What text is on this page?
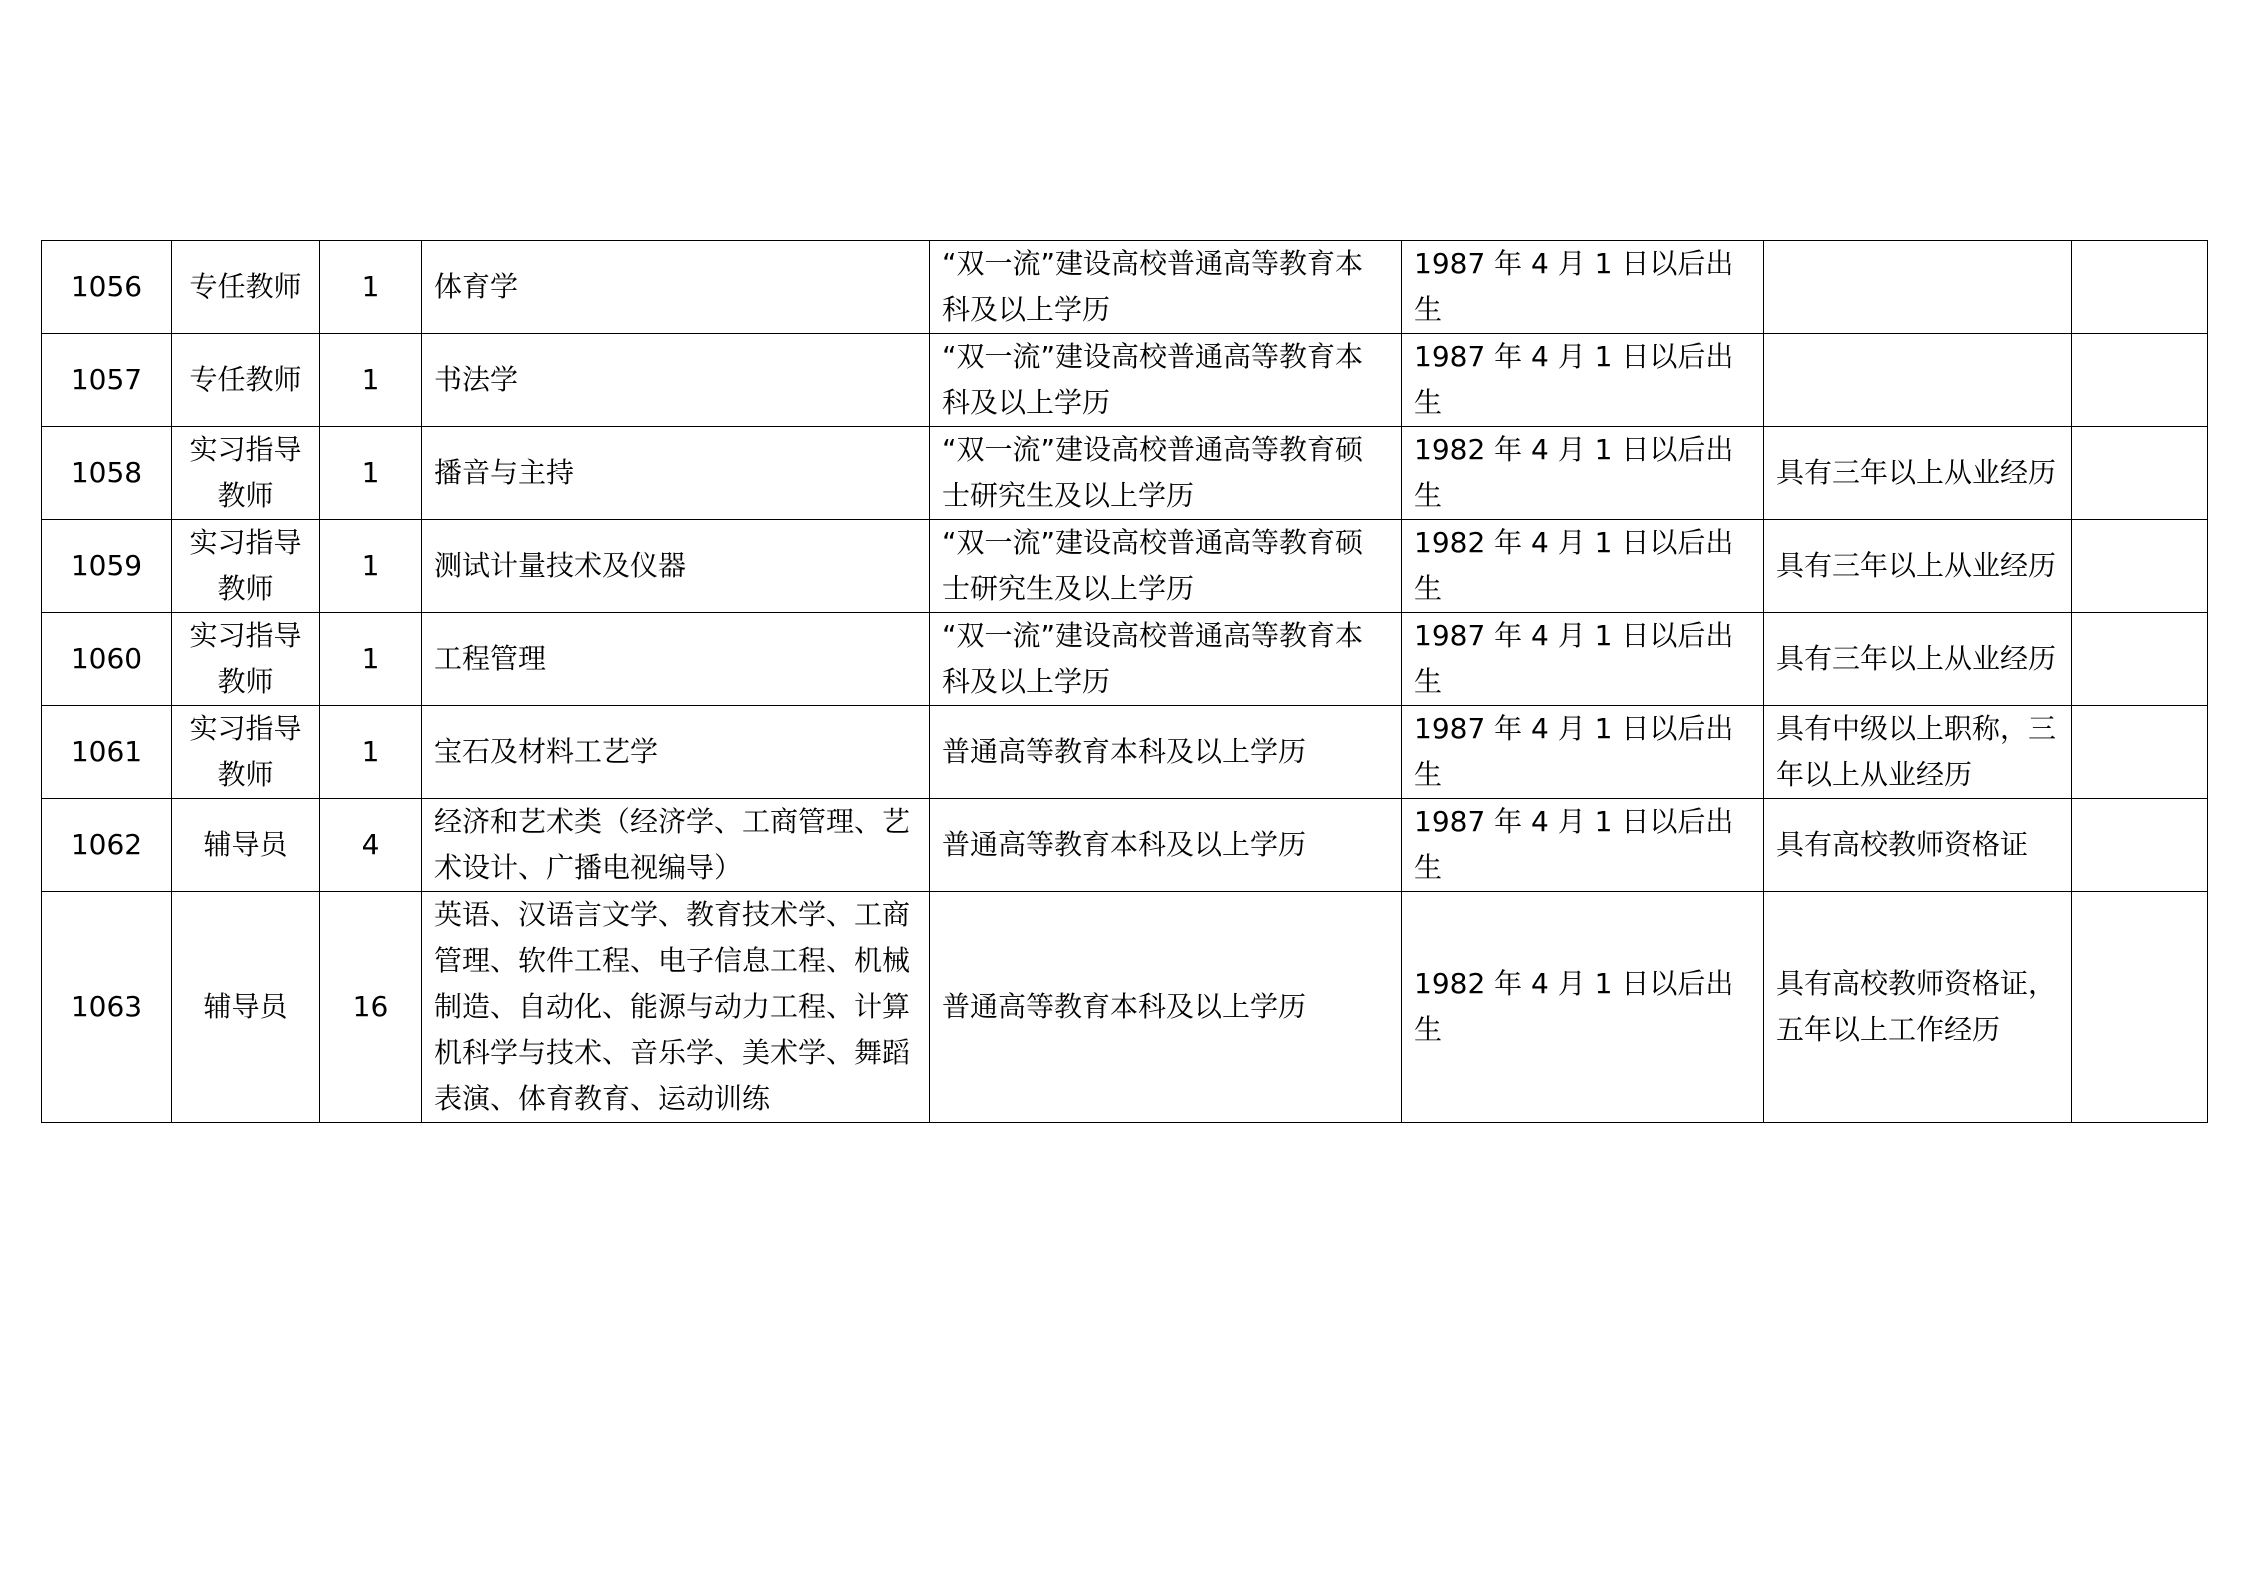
1056	专任教师	1	体育学	“双一流”建设高校普通高等教育本科及以上学历	1987 年 4 月 1 日以后出生		
1057	专任教师	1	书法学	“双一流”建设高校普通高等教育本科及以上学历	1987 年 4 月 1 日以后出生		
1058	实习指导教师	1	播音与主持	“双一流”建设高校普通高等教育硕士研究生及以上学历	1982 年 4 月 1 日以后出生	具有三年以上从业经历	
1059	实习指导教师	1	测试计量技术及仪器	“双一流”建设高校普通高等教育硕士研究生及以上学历	1982 年 4 月 1 日以后出生	具有三年以上从业经历	
1060	实习指导教师	1	工程管理	“双一流”建设高校普通高等教育本科及以上学历	1987 年 4 月 1 日以后出生	具有三年以上从业经历	
1061	实习指导教师	1	宝石及材料工艺学	普通高等教育本科及以上学历	1987 年 4 月 1 日以后出生	具有中级以上职称，三年以上从业经历	
1062	辅导员	4	经济和艺术类（经济学、工商管理、艺术设计、广播电视编导）	普通高等教育本科及以上学历	1987 年 4 月 1 日以后出生	具有高校教师资格证	
1063	辅导员	16	英语、汉语言文学、教育技术学、工商管理、软件工程、电子信息工程、机械制造、自动化、能源与动力工程、计算机科学与技术、音乐学、美术学、舞蹈表演、体育教育、运动训练	普通高等教育本科及以上学历	1982 年 4 月 1 日以后出生	具有高校教师资格证，五年以上工作经历	
